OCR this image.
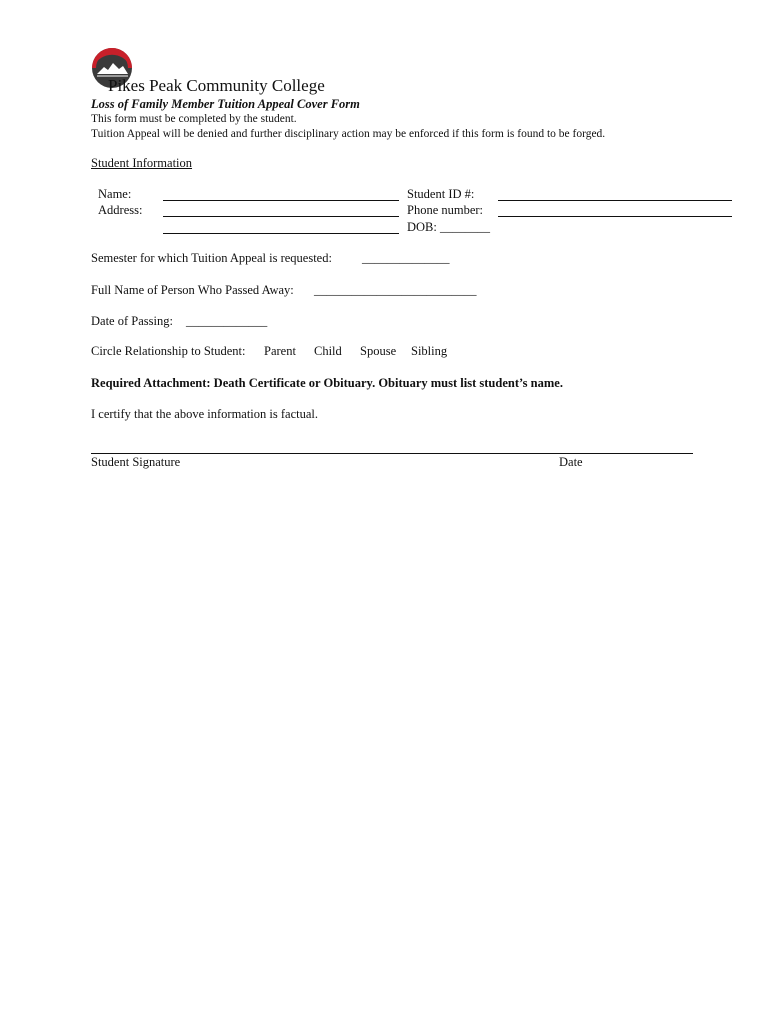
Pikes Peak Community College
Loss of Family Member Tuition Appeal Cover Form
This form must be completed by the student.
Tuition Appeal will be denied and further disciplinary action may be enforced if this form is found to be forged.
Student Information
Name:
Address:
Student ID #:
Phone number:
DOB: ________
Semester for which Tuition Appeal is requested: ______________
Full Name of Person Who Passed Away: __________________________
Date of Passing: _____________
Circle Relationship to Student: Parent Child Spouse Sibling
Required Attachment: Death Certificate or Obituary. Obituary must list student’s name.
I certify that the above information is factual.
Student Signature	Date
